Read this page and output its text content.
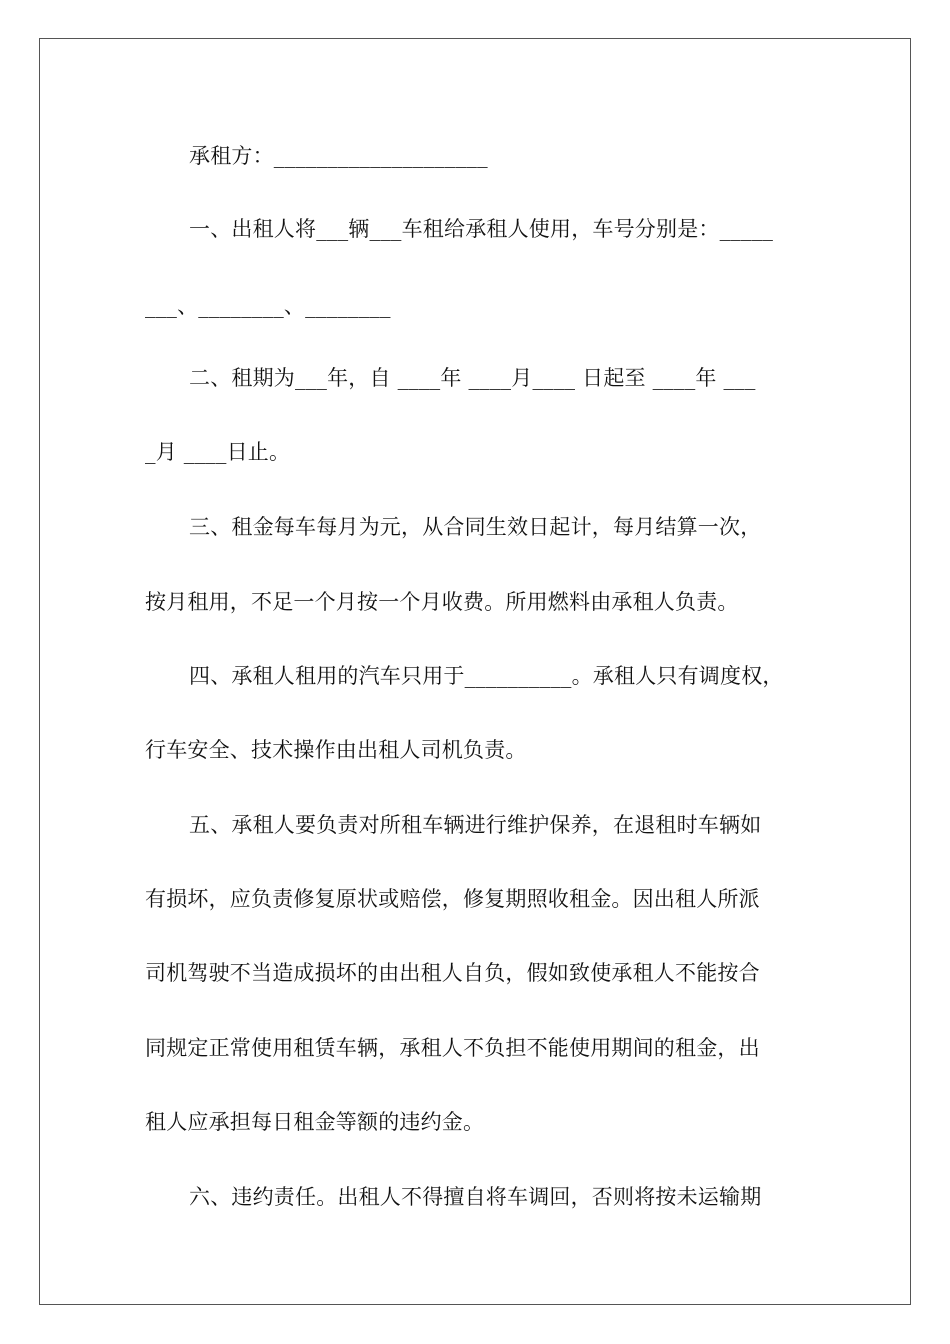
承租方：____________________
一、出租人将___辆___车租给承租人使用，车号分别是：_____
___、________、________
二、租期为___年，自 ____年 ____月____ 日起至 ____年 ___
_月 ____日止。
三、租金每车每月为元，从合同生效日起计，每月结算一次，
按月租用，不足一个月按一个月收费。所用燃料由承租人负责。
四、承租人租用的汽车只用于__________。承租人只有调度权，
行车安全、技术操作由出租人司机负责。
五、承租人要负责对所租车辆进行维护保养，在退租时车辆如
有损坏，应负责修复原状或赔偿，修复期照收租金。因出租人所派
司机驾驶不当造成损坏的由出租人自负，假如致使承租人不能按合
同规定正常使用租赁车辆，承租人不负担不能使用期间的租金，出
租人应承担每日租金等额的违约金。
六、违约责任。出租人不得擅自将车调回，否则将按未运输期
